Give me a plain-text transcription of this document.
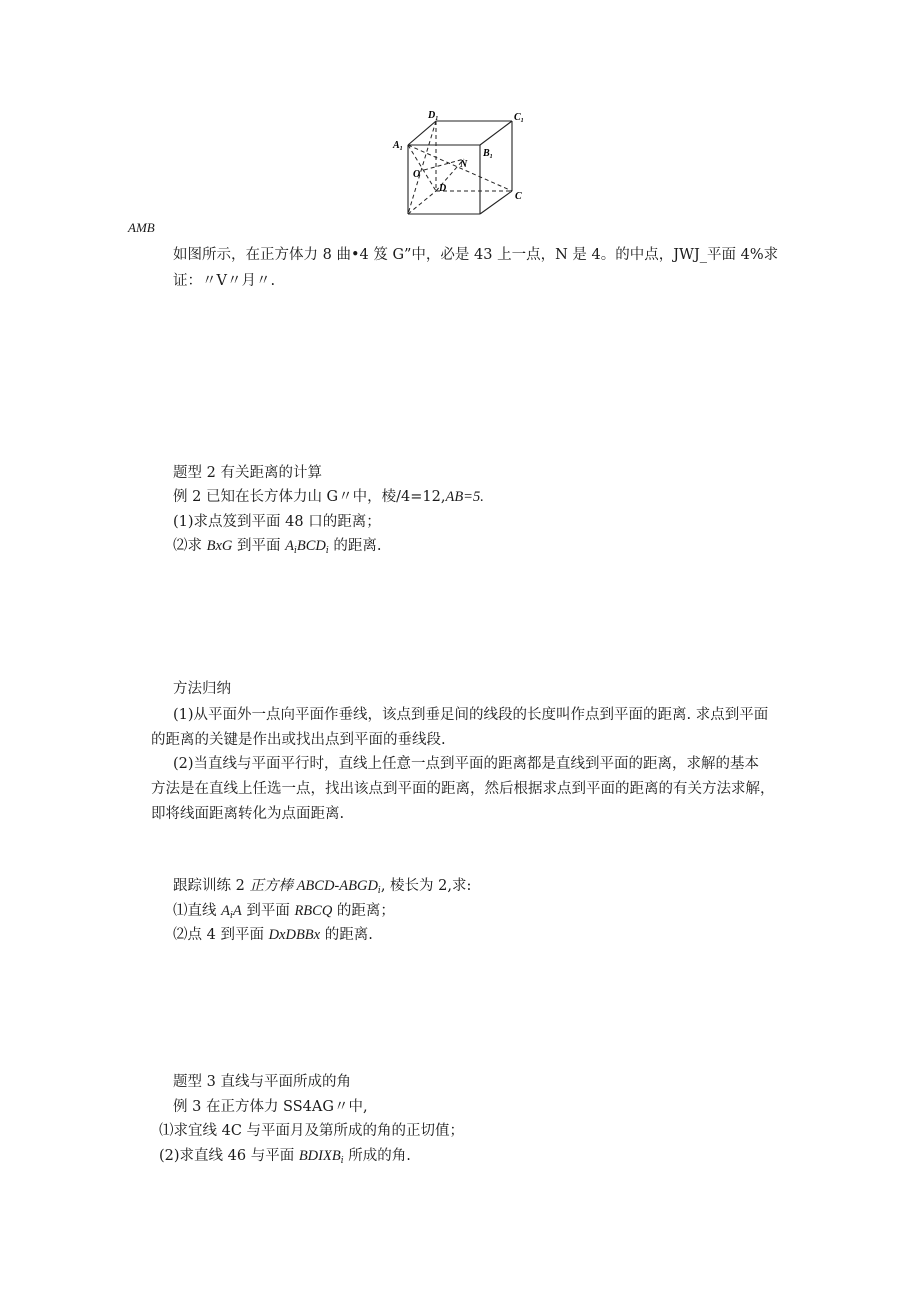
$D_1$	$C_1$
$A_1$	$B_1$
N
O
D
C
AMB
如图所示，在正方体力 8 曲•4 笈 G”中，必是 43 上一点，N 是 4。的中点，JWJ_平面 4%求
证：〃V〃月〃.
题型 2 有关距离的计算
例 2 已知在长方体力山 G〃中，棱/4=12,AB=5.
(1)求点笈到平面 48 口的距离；
⑵求 BxG 到平面 $A_iBCD_i$ 的距离.
方法归纳
(1)从平面外一点向平面作垂线，该点到垂足间的线段的长度叫作点到平面的距离. 求点到平面
的距离的关键是作出或找出点到平面的垂线段.
(2)当直线与平面平行时，直线上任意一点到平面的距离都是直线到平面的距离，求解的基本
方法是在直线上任选一点，找出该点到平面的距离，然后根据求点到平面的距离的有关方法求解，
即将线面距离转化为点面距离.
跟踪训练 2 正方棒 ABCD-$ABGD_i$, 棱长为 2,求:
⑴直线 $A_iA$ 到平面 RBCQ 的距离；
⑵点 4 到平面 DxDBBx 的距离.
题型 3 直线与平面所成的角
例 3 在正方体力 SS4AG〃中,
⑴求宜线 4C 与平面月及第所成的角的正切值；
(2)求直线 46 与平面 $BDIXB_i$ 所成的角.
